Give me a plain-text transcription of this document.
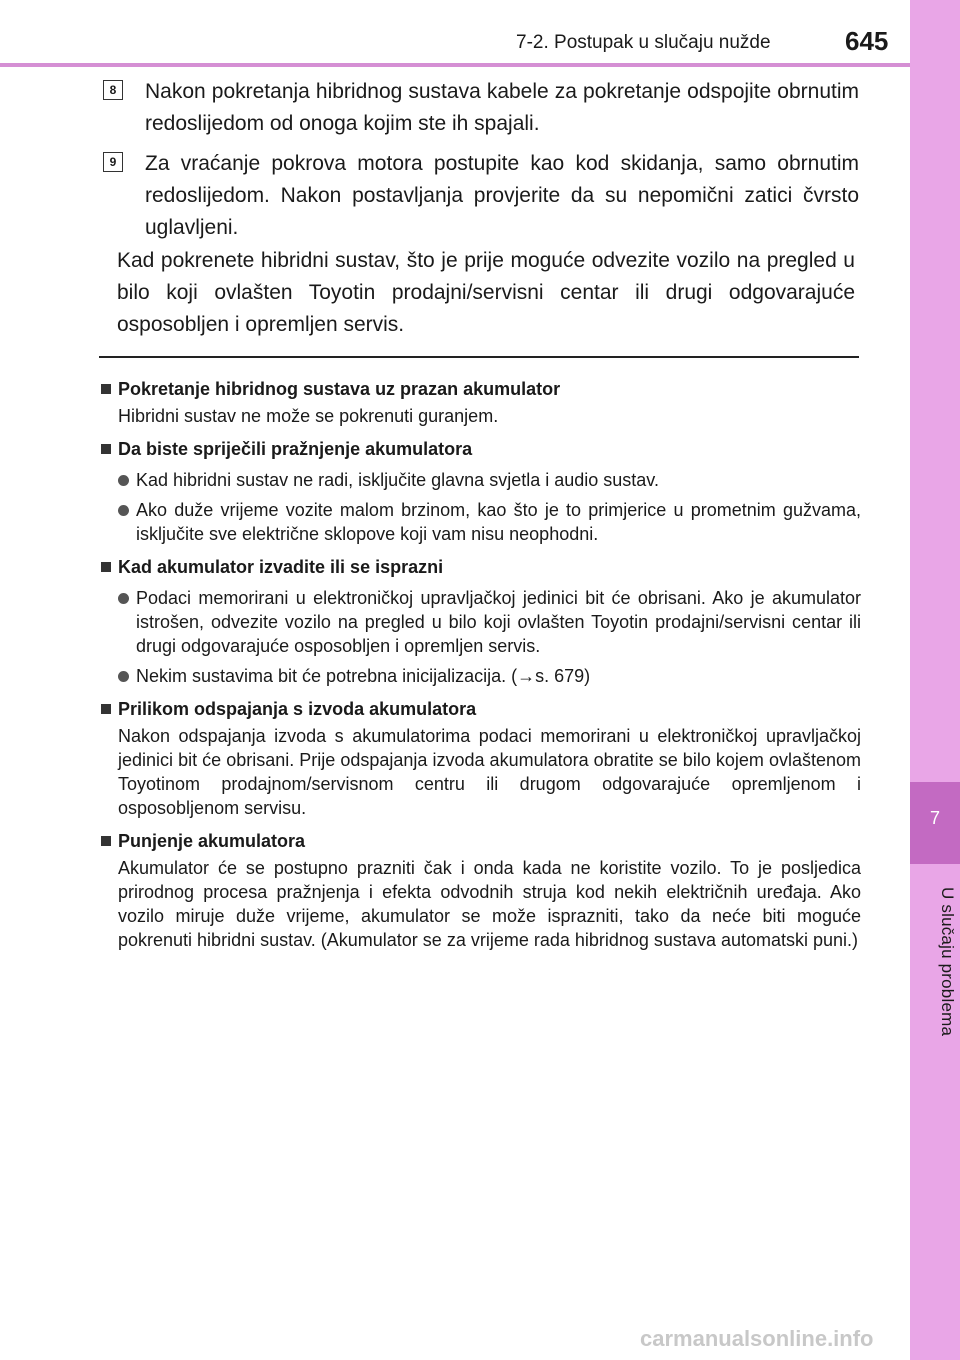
7-2. Postupak u slučaju nužde	645
7
U slučaju problema
8	Nakon pokretanja hibridnog sustava kabele za pokretanje odspojite obrnutim redoslijedom od onoga kojim ste ih spajali.
9	Za vraćanje pokrova motora postupite kao kod skidanja, samo obrnutim redoslijedom. Nakon postavljanja provjerite da su nepomični zatici čvrsto uglavljeni.
Kad pokrenete hibridni sustav, što je prije moguće odvezite vozilo na pregled u bilo koji ovlašten Toyotin prodajni/servisni centar ili drugi odgovarajuće osposobljen i opremljen servis.
Pokretanje hibridnog sustava uz prazan akumulator
Hibridni sustav ne može se pokrenuti guranjem.
Da biste spriječili pražnjenje akumulatora
Kad hibridni sustav ne radi, isključite glavna svjetla i audio sustav.
Ako duže vrijeme vozite malom brzinom, kao što je to primjerice u prometnim gužvama, isključite sve električne sklopove koji vam nisu neophodni.
Kad akumulator izvadite ili se isprazni
Podaci memorirani u elektroničkoj upravljačkoj jedinici bit će obrisani. Ako je akumulator istrošen, odvezite vozilo na pregled u bilo koji ovlašten Toyotin prodajni/servisni centar ili drugi odgovarajuće osposobljen i opremljen servis.
Nekim sustavima bit će potrebna inicijalizacija. (→s. 679)
Prilikom odspajanja s izvoda akumulatora
Nakon odspajanja izvoda s akumulatorima podaci memorirani u elektroničkoj upravljačkoj jedinici bit će obrisani. Prije odspajanja izvoda akumulatora obratite se bilo kojem ovlaštenom Toyotinom prodajnom/servisnom centru ili drugom odgovarajuće opremljenom i osposobljenom servisu.
Punjenje akumulatora
Akumulator će se postupno prazniti čak i onda kada ne koristite vozilo. To je posljedica prirodnog procesa pražnjenja i efekta odvodnih struja kod nekih električnih uređaja. Ako vozilo miruje duže vrijeme, akumulator se može isprazniti, tako da neće biti moguće pokrenuti hibridni sustav. (Akumulator se za vrijeme rada hibridnog sustava automatski puni.)
carmanualsonline.info
